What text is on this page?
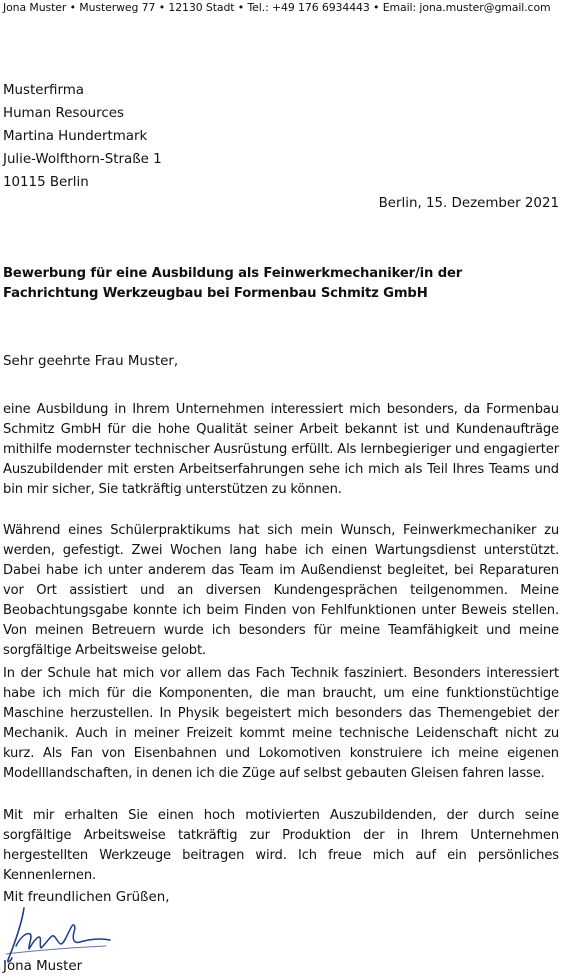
Jona Muster • Musterweg 77 • 12130 Stadt • Tel.: +49 176 6934443 • Email: jona.muster@gmail.com
Musterfirma
Human Resources
Martina Hundertmark
Julie-Wolfthorn-Straße 1
10115 Berlin
Berlin, 15. Dezember 2021
Bewerbung für eine Ausbildung als Feinwerkmechaniker/in der Fachrichtung Werkzeugbau bei Formenbau Schmitz GmbH
Sehr geehrte Frau Muster,
eine Ausbildung in Ihrem Unternehmen interessiert mich besonders, da Formenbau Schmitz GmbH für die hohe Qualität seiner Arbeit bekannt ist und Kundenaufträge mithilfe modernster technischer Ausrüstung erfüllt. Als lernbegieriger und engagierter Auszubildender mit ersten Arbeitserfahrungen sehe ich mich als Teil Ihres Teams und bin mir sicher, Sie tatkräftig unterstützen zu können.
Während eines Schülerpraktikums hat sich mein Wunsch, Feinwerkmechaniker zu werden, gefestigt. Zwei Wochen lang habe ich einen Wartungsdienst unterstützt. Dabei habe ich unter anderem das Team im Außendienst begleitet, bei Reparaturen vor Ort assistiert und an diversen Kundengesprächen teilgenommen. Meine Beobachtungsgabe konnte ich beim Finden von Fehlfunktionen unter Beweis stellen. Von meinen Betreuern wurde ich besonders für meine Teamfähigkeit und meine sorgfältige Arbeitsweise gelobt.
In der Schule hat mich vor allem das Fach Technik fasziniert. Besonders interessiert habe ich mich für die Komponenten, die man braucht, um eine funktionstüchtige Maschine herzustellen. In Physik begeistert mich besonders das Themengebiet der Mechanik. Auch in meiner Freizeit kommt meine technische Leidenschaft nicht zu kurz. Als Fan von Eisenbahnen und Lokomotiven konstruiere ich meine eigenen Modelllandschaften, in denen ich die Züge auf selbst gebauten Gleisen fahren lasse.
Mit mir erhalten Sie einen hoch motivierten Auszubildenden, der durch seine sorgfältige Arbeitsweise tatkräftig zur Produktion der in Ihrem Unternehmen hergestellten Werkzeuge beitragen wird. Ich freue mich auf ein persönliches Kennenlernen.
Mit freundlichen Grüßen,
Jona Muster
